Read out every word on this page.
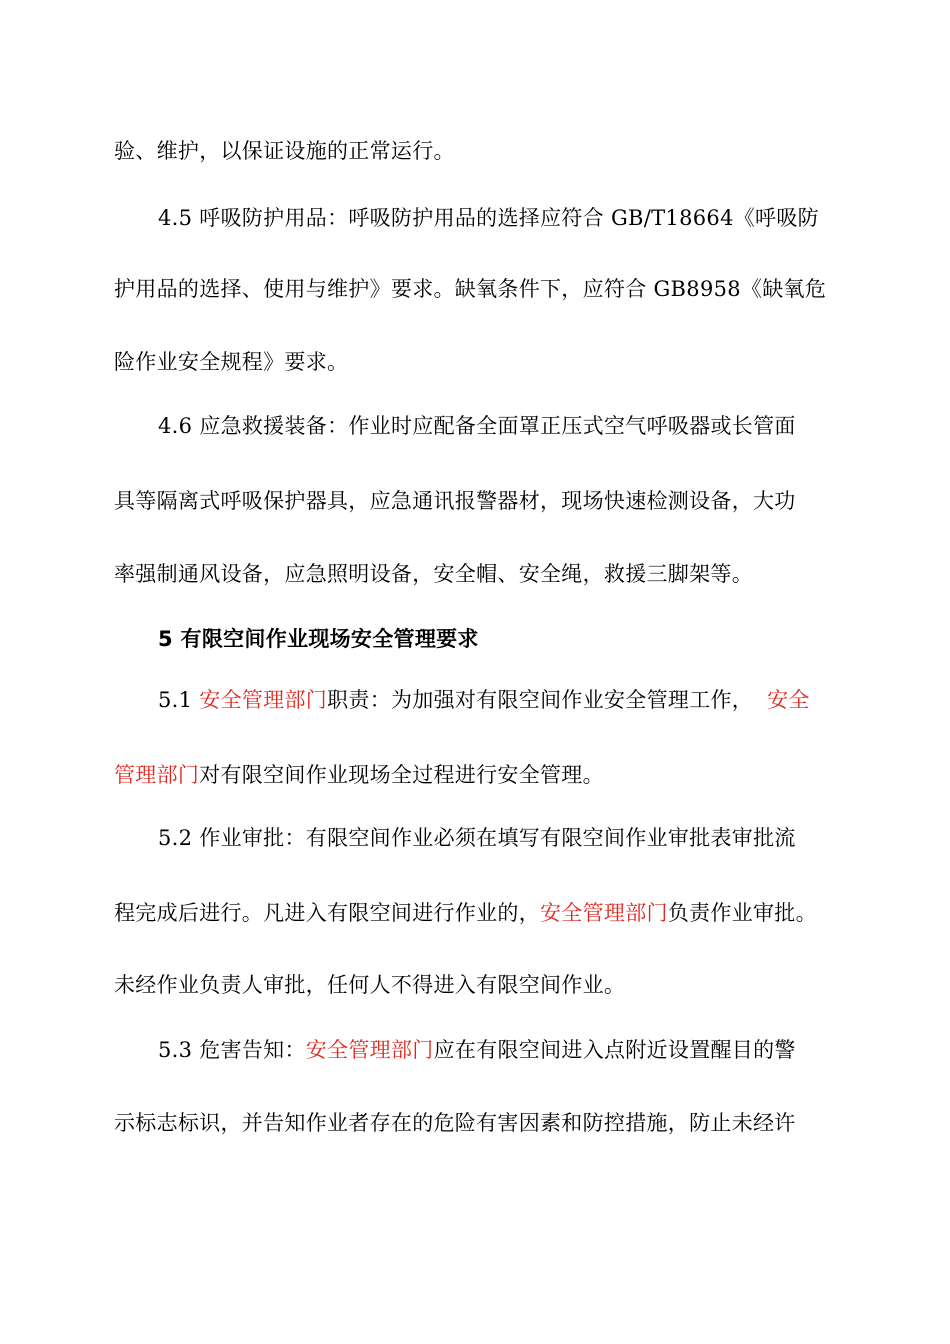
验、维护，以保证设施的正常运行。
4.5 呼吸防护用品：呼吸防护用品的选择应符合 GB/T18664《呼吸防
护用品的选择、使用与维护》要求。缺氧条件下，应符合 GB8958《缺氧危
险作业安全规程》要求。
4.6 应急救援装备：作业时应配备全面罩正压式空气呼吸器或长管面
具等隔离式呼吸保护器具，应急通讯报警器材，现场快速检测设备，大功
率强制通风设备，应急照明设备，安全帽、安全绳，救援三脚架等。
5 有限空间作业现场安全管理要求
5.1 安全管理部门职责：为加强对有限空间作业安全管理工作， 安全
管理部门对有限空间作业现场全过程进行安全管理。
5.2 作业审批：有限空间作业必须在填写有限空间作业审批表审批流
程完成后进行。凡进入有限空间进行作业的，安全管理部门负责作业审批。
未经作业负责人审批，任何人不得进入有限空间作业。
5.3 危害告知：安全管理部门应在有限空间进入点附近设置醒目的警
示标志标识，并告知作业者存在的危险有害因素和防控措施，防止未经许
